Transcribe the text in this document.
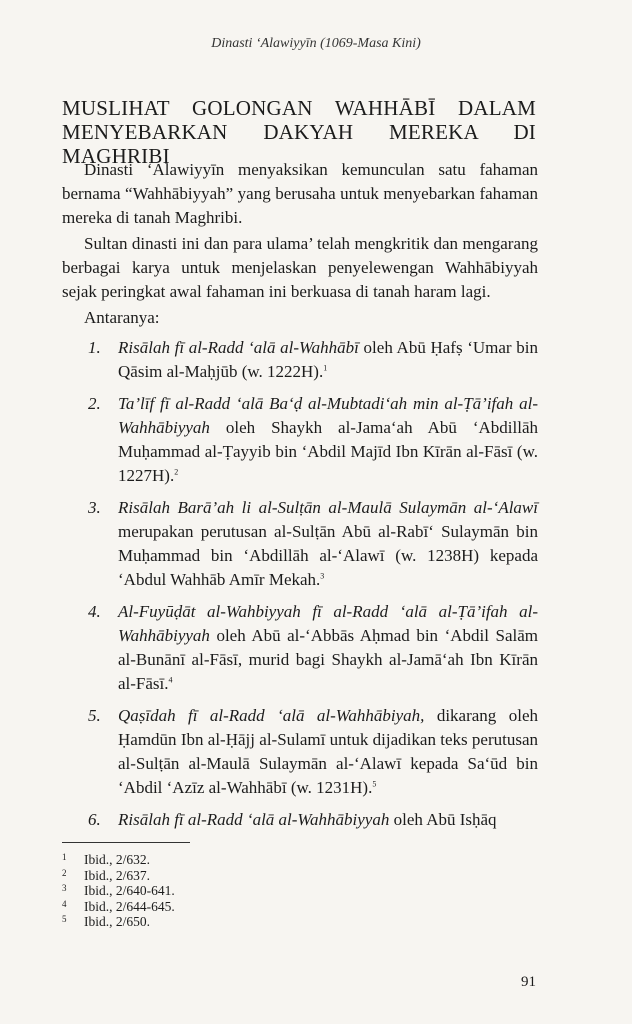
Dinasti ‘Alawiyyīn (1069-Masa Kini)
MUSLIHAT GOLONGAN WAHHĀBĪ DALAM
MENYEBARKAN DAKYAH MEREKA DI MAGHRIBI

Dinasti ‘Alawiyyīn menyaksikan kemunculan satu fahaman bernama “Wahhābiyyah” yang berusaha untuk menyebarkan fahaman mereka di tanah Maghribi.

Sultan dinasti ini dan para ulama’ telah mengkritik dan mengarang berbagai karya untuk menjelaskan penyelewengan Wahhābiyyah sejak peringkat awal fahaman ini berkuasa di tanah haram lagi.

Antaranya:

1. Risālah fī al-Radd ‘alā al-Wahhābī oleh Abū Ḥafṣ ‘Umar bin Qāsim al-Maḥjūb (w. 1222H).$^1$
2. Ta’līf fī al-Radd ‘alā Ba‘ḍ al-Mubtadi‘ah min al-Ṭā’ifah al-Wahhābiyyah oleh Shaykh al-Jama‘ah Abū ‘Abdillāh Muḥammad al-Ṭayyib bin ‘Abdil Majīd Ibn Kīrān al-Fāsī (w. 1227H).$^2$
3. Risālah Barā’ah li al-Sulṭān al-Maulā Sulaymān al-‘Alawī merupakan perutusan al-Sulṭān Abū al-Rabī‘ Sulaymān bin Muḥammad bin ‘Abdillāh al-‘Alawī (w. 1238H) kepada ‘Abdul Wahhāb Amīr Mekah.$^3$
4. Al-Fuyūḍāt al-Wahbiyyah fī al-Radd ‘alā al-Ṭā’ifah al-Wahhābiyyah oleh Abū al-‘Abbās Aḥmad bin ‘Abdil Salām al-Bunānī al-Fāsī, murid bagi Shaykh al-Jamā‘ah Ibn Kīrān al-Fāsī.$^4$
5. Qaṣīdah fī al-Radd ‘alā al-Wahhābiyah, dikarang oleh Ḥamdūn Ibn al-Ḥājj al-Sulamī untuk dijadikan teks perutusan al-Sulṭān al-Maulā Sulaymān al-‘Alawī kepada Sa‘ūd bin ‘Abdil ‘Azīz al-Wahhābī (w. 1231H).$^5$
6. Risālah fī al-Radd ‘alā al-Wahhābiyyah oleh Abū Isḥāq
1 Ibid., 2/632.
2 Ibid., 2/637.
3 Ibid., 2/640-641.
4 Ibid., 2/644-645.
5 Ibid., 2/650.
91
